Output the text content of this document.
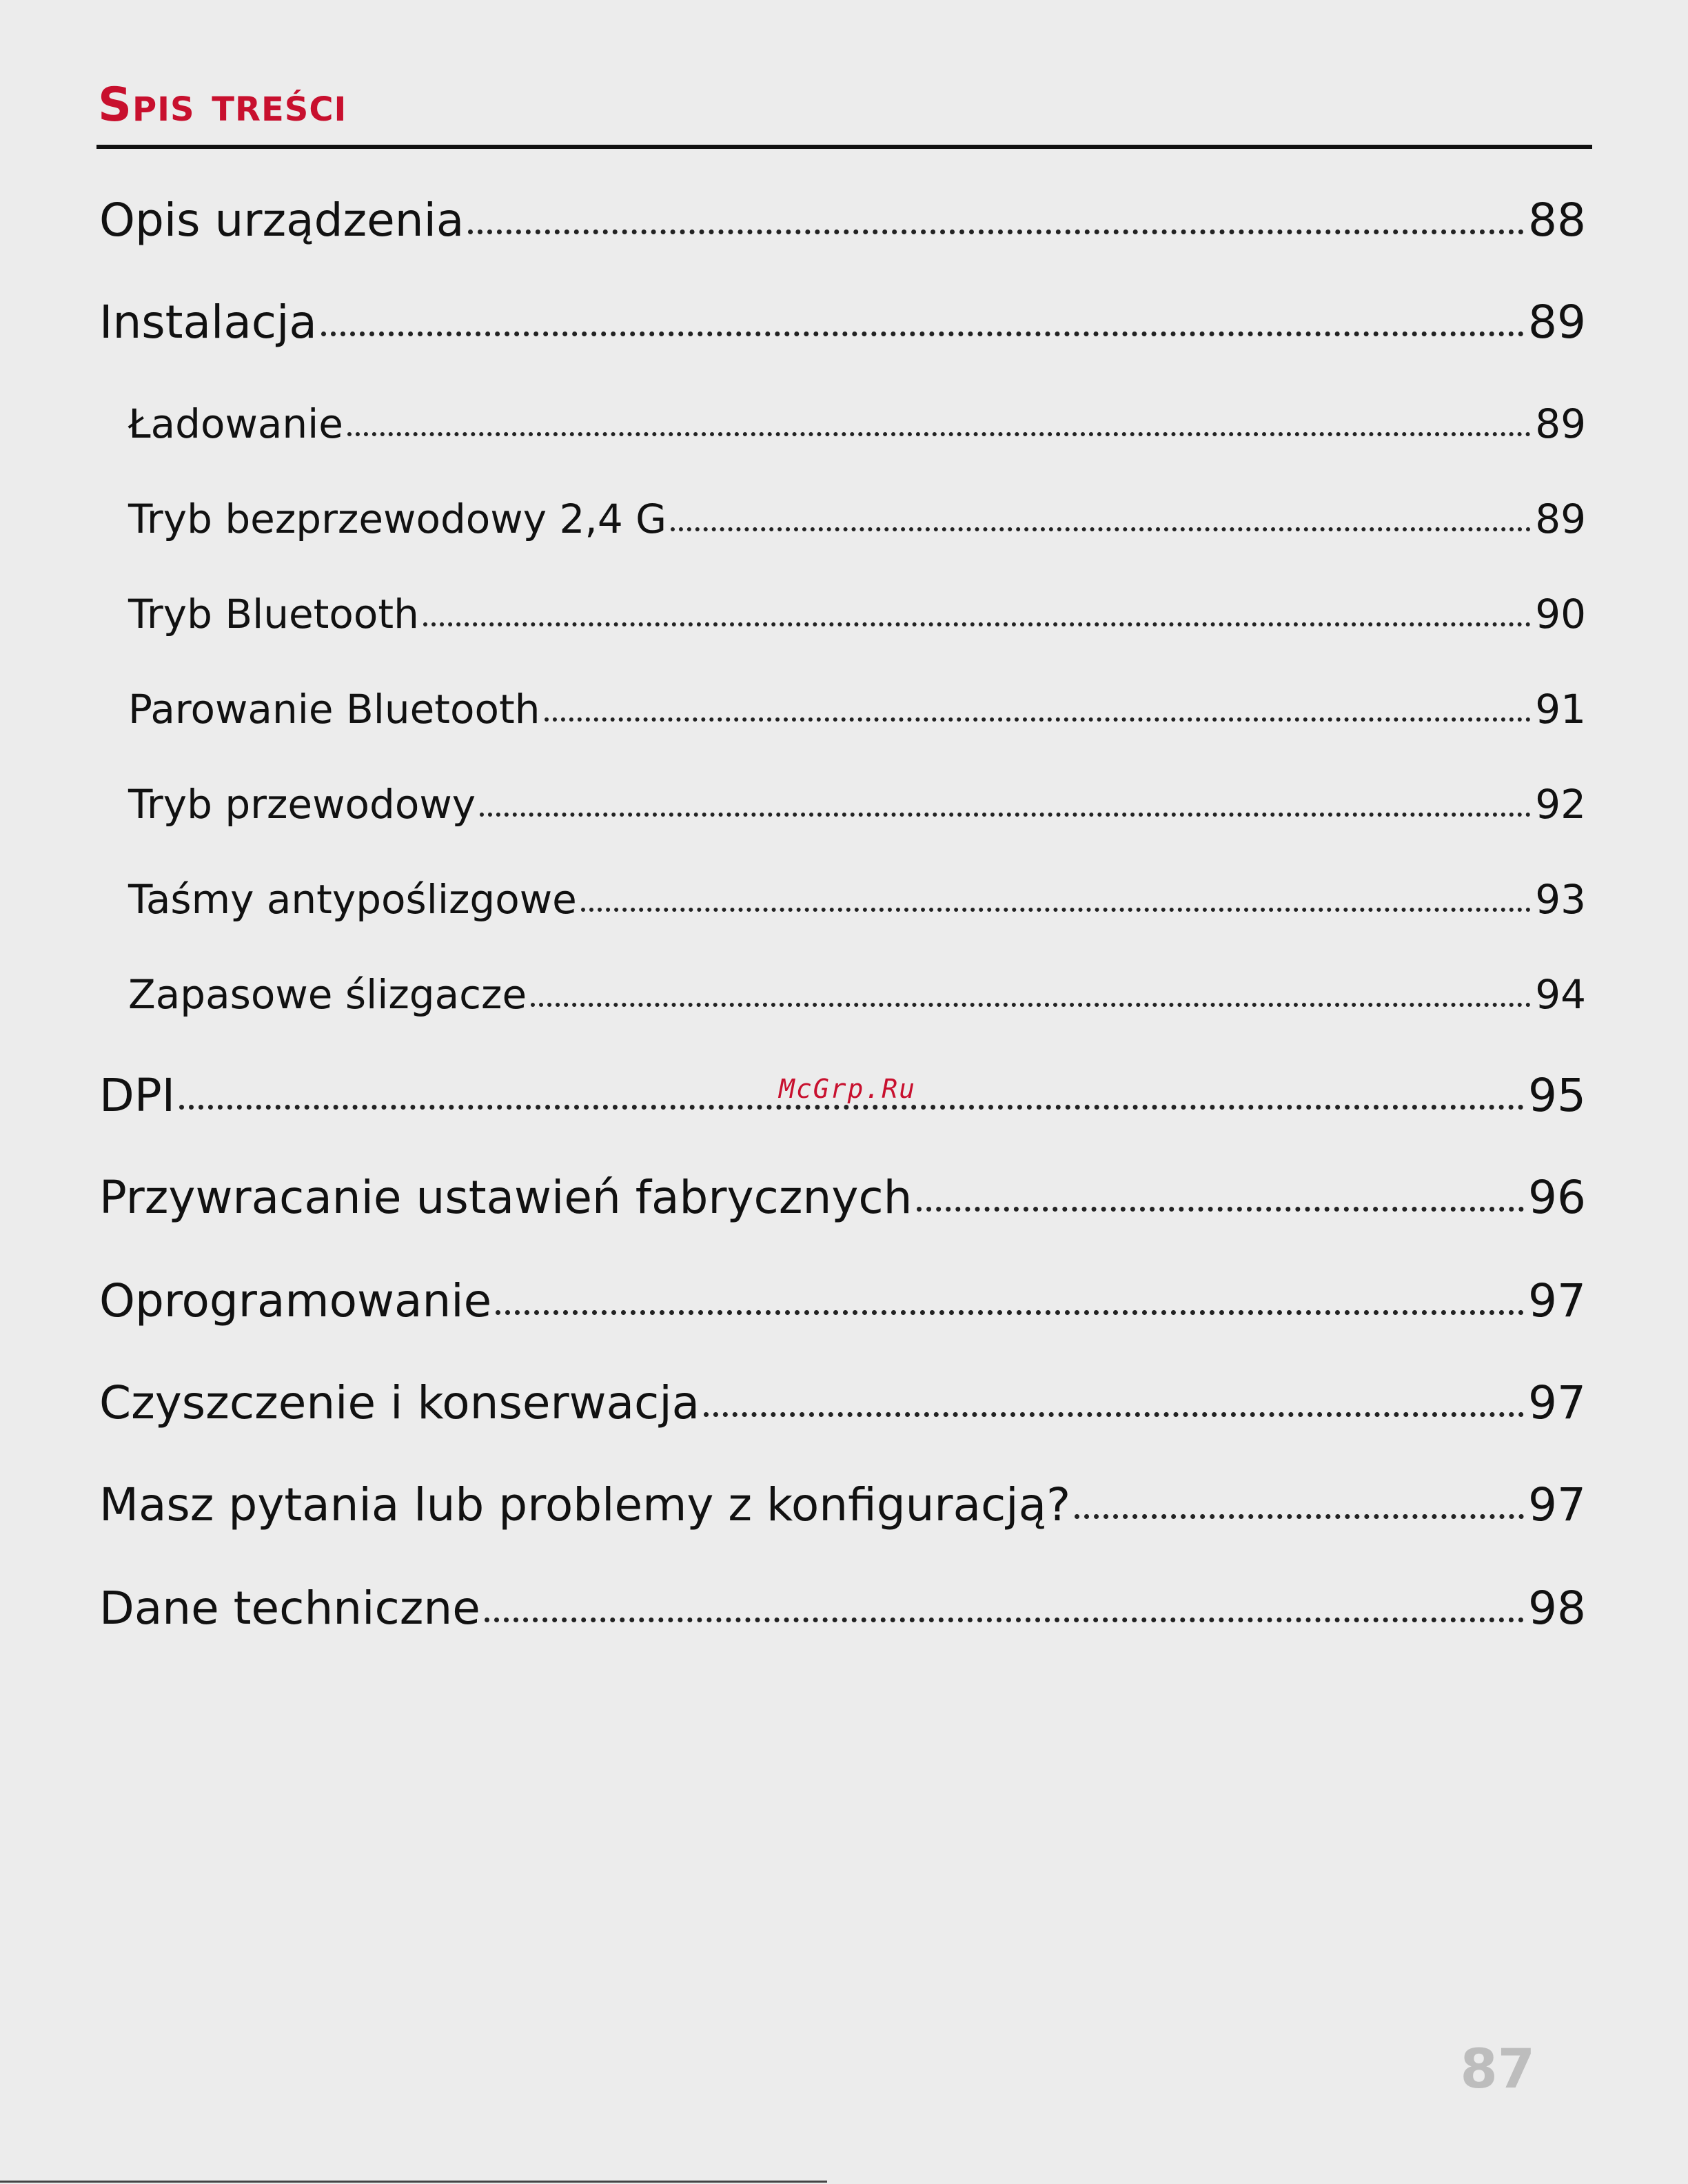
Spis treści
Opis urządzenia	88
Instalacja	89
Ładowanie	89
Tryb bezprzewodowy 2,4 G	89
Tryb Bluetooth	90
Parowanie Bluetooth	91
Tryb przewodowy	92
Taśmy antypoślizgowe	93
Zapasowe ślizgacze	94
DPI	95
Przywracanie ustawień fabrycznych	96
Oprogramowanie	97
Czyszczenie i konserwacja	97
Masz pytania lub problemy z konfiguracją?	97
Dane techniczne	98
McGrp.Ru
87
